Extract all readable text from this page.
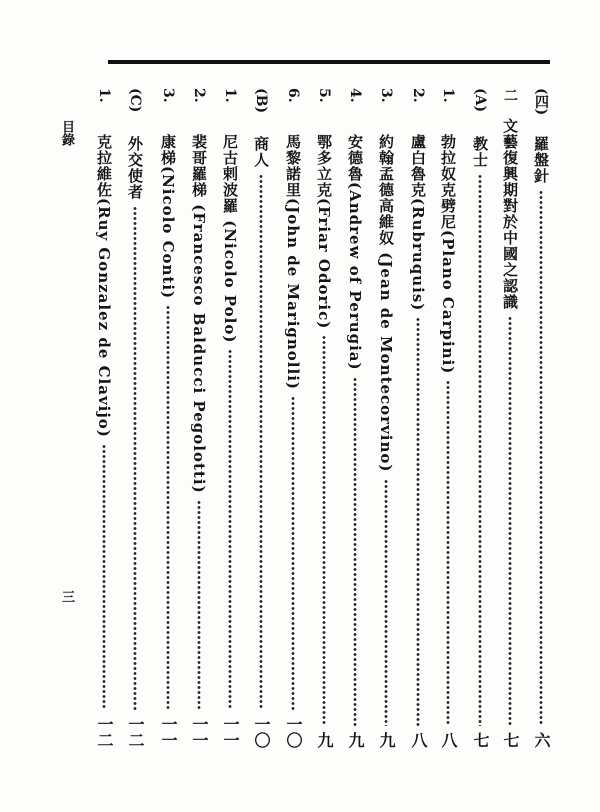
(四)
羅盤針
六
二
文藝復興期對於中國之認識
七
(A)
教士
七
1.
勃拉奴克劈尼(Plano Carpini)
八
2.
盧白魯克(Rubruquis)
八
3.
約翰孟德高維奴 (Jean de Montecorvino)
九
4.
安德魯(Andrew of Perugia)
九
5.
鄂多立克(Friar Odoric)
九
6.
馬黎諾里(John de Marignolli)
一〇
(B)
商人
一〇
1.
尼古剌波羅 (Nicolo Polo)
一一
2.
裴哥羅梯 (Francesco Balducci Pegolotti)
一一
3.
康梯(Nicolo Conti)
一一
(C)
外交使者
一二
1.
克拉維佐(Ruy Gonzalez de Clavijo)
一二
目錄
三
